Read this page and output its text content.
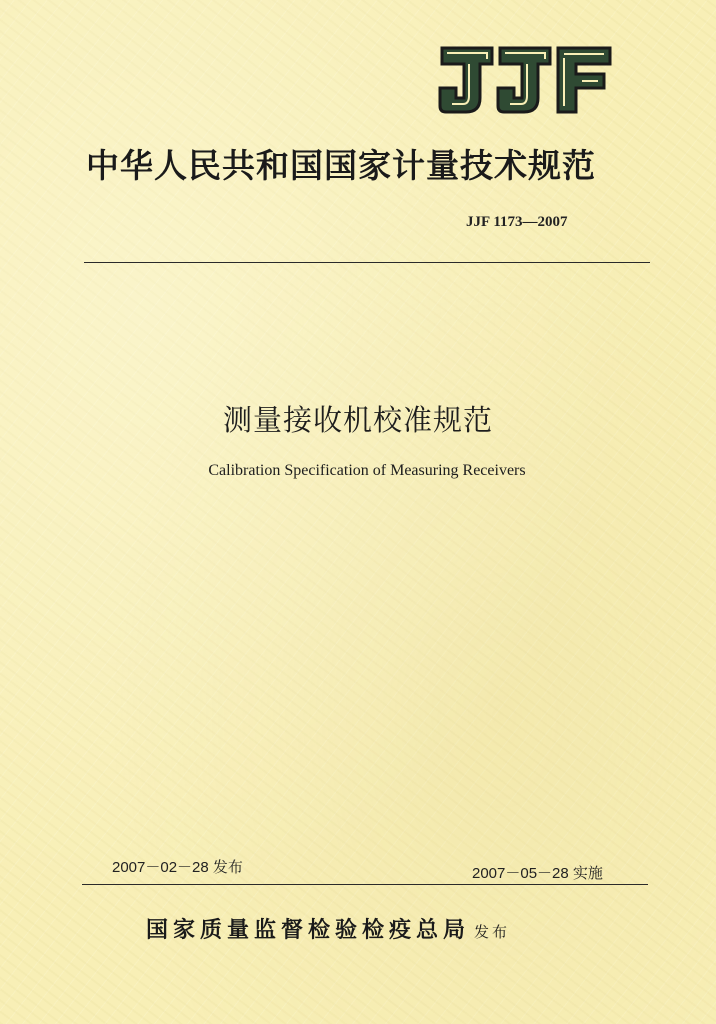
中华人民共和国国家计量技术规范
JJF 1173—2007
测量接收机校准规范
Calibration Specification of Measuring Receivers
2007－02－28 发布	2007－05－28 实施
国家质量监督检验检疫总局 发布
